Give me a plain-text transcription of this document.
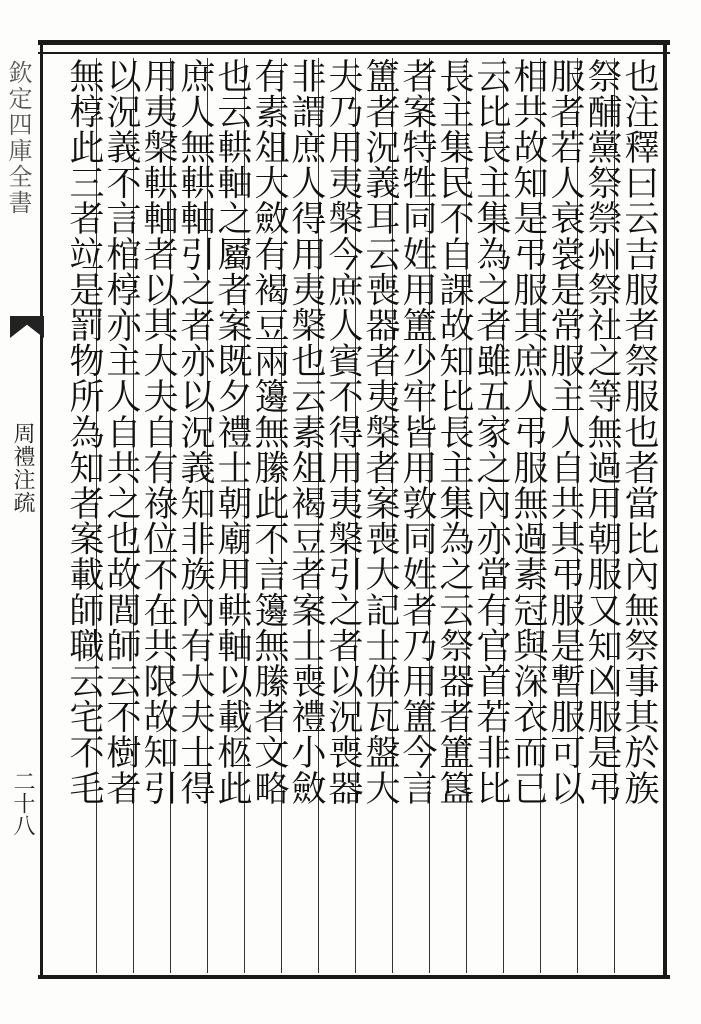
欽定四庫全書
周禮注疏
二十八	也注釋曰云吉服者祭服也者當比內無祭事其於族
祭酺黨祭禜州祭社之等無過用朝服又知凶服是弔
服者若人衰裳是常服主人自共其弔服是暫服可以
相共故知是弔服其庶人弔服無過素冠與深衣而已
云比長主集為之者雖五家之內亦當有官首若非比
長主集民不自課故知比長主集為之云祭器者簠簋
者案特牲同姓用簠少牢皆用敦同姓者乃用簠今言
簠者況義耳云喪器者夷槃者案喪大記士併瓦盤大
夫乃用夷槃今庶人賓不得用夷槃引之者以況喪器
非謂庶人得用夷槃也云素俎褐豆者案士喪禮小斂
有素俎大斂有褐豆兩籩無縢此不言籩無縢者文略
也云輁軸之屬者案既夕禮士朝廟用輁軸以載柩此
庶人無輁軸引之者亦以況義知非族內有大夫士得
用夷槃輁軸者以其大夫自有祿位不在共限故知引
以況義不言棺椁亦主人自共之也故閭師云不樹者
無椁此三者竝是罰物所為知者案載師職云宅不毛
